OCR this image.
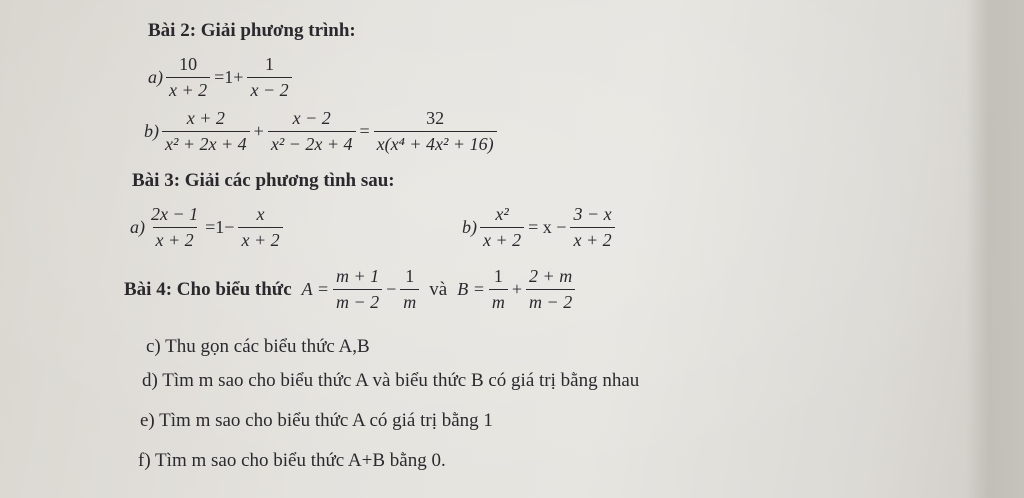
Bài 2: Giải phương trình:
$a) \frac{10}{x + 2} =1+ \frac{1}{x - 2}$
$b) \frac{x + 2}{\text{x² + 2x + 4}} + \frac{x - 2}{\text{x² − 2x + 4}} = \frac{32}{\text{x(x⁴ + 4x² + 16)}}$
Bài 3: Giải các phương tình sau:
$a) \frac{2x - 1}{x + 2} =1- \frac{x}{x + 2}$	$b) \frac{\text{x²}}{x + 2} = x - \frac{3 - x}{x + 2}$
Bài 4: Cho biểu thức $A = \frac{m + 1}{m - 2} - \frac{1}{m}$ và $B = \frac{1}{m} + \frac{2 + m}{m - 2}$
c) Thu gọn các biểu thức A,B
d) Tìm m sao cho biểu thức A và biểu thức B có giá trị bằng nhau
e) Tìm m sao cho biểu thức A có giá trị bằng 1
f) Tìm m sao cho biểu thức A+B bằng 0.
